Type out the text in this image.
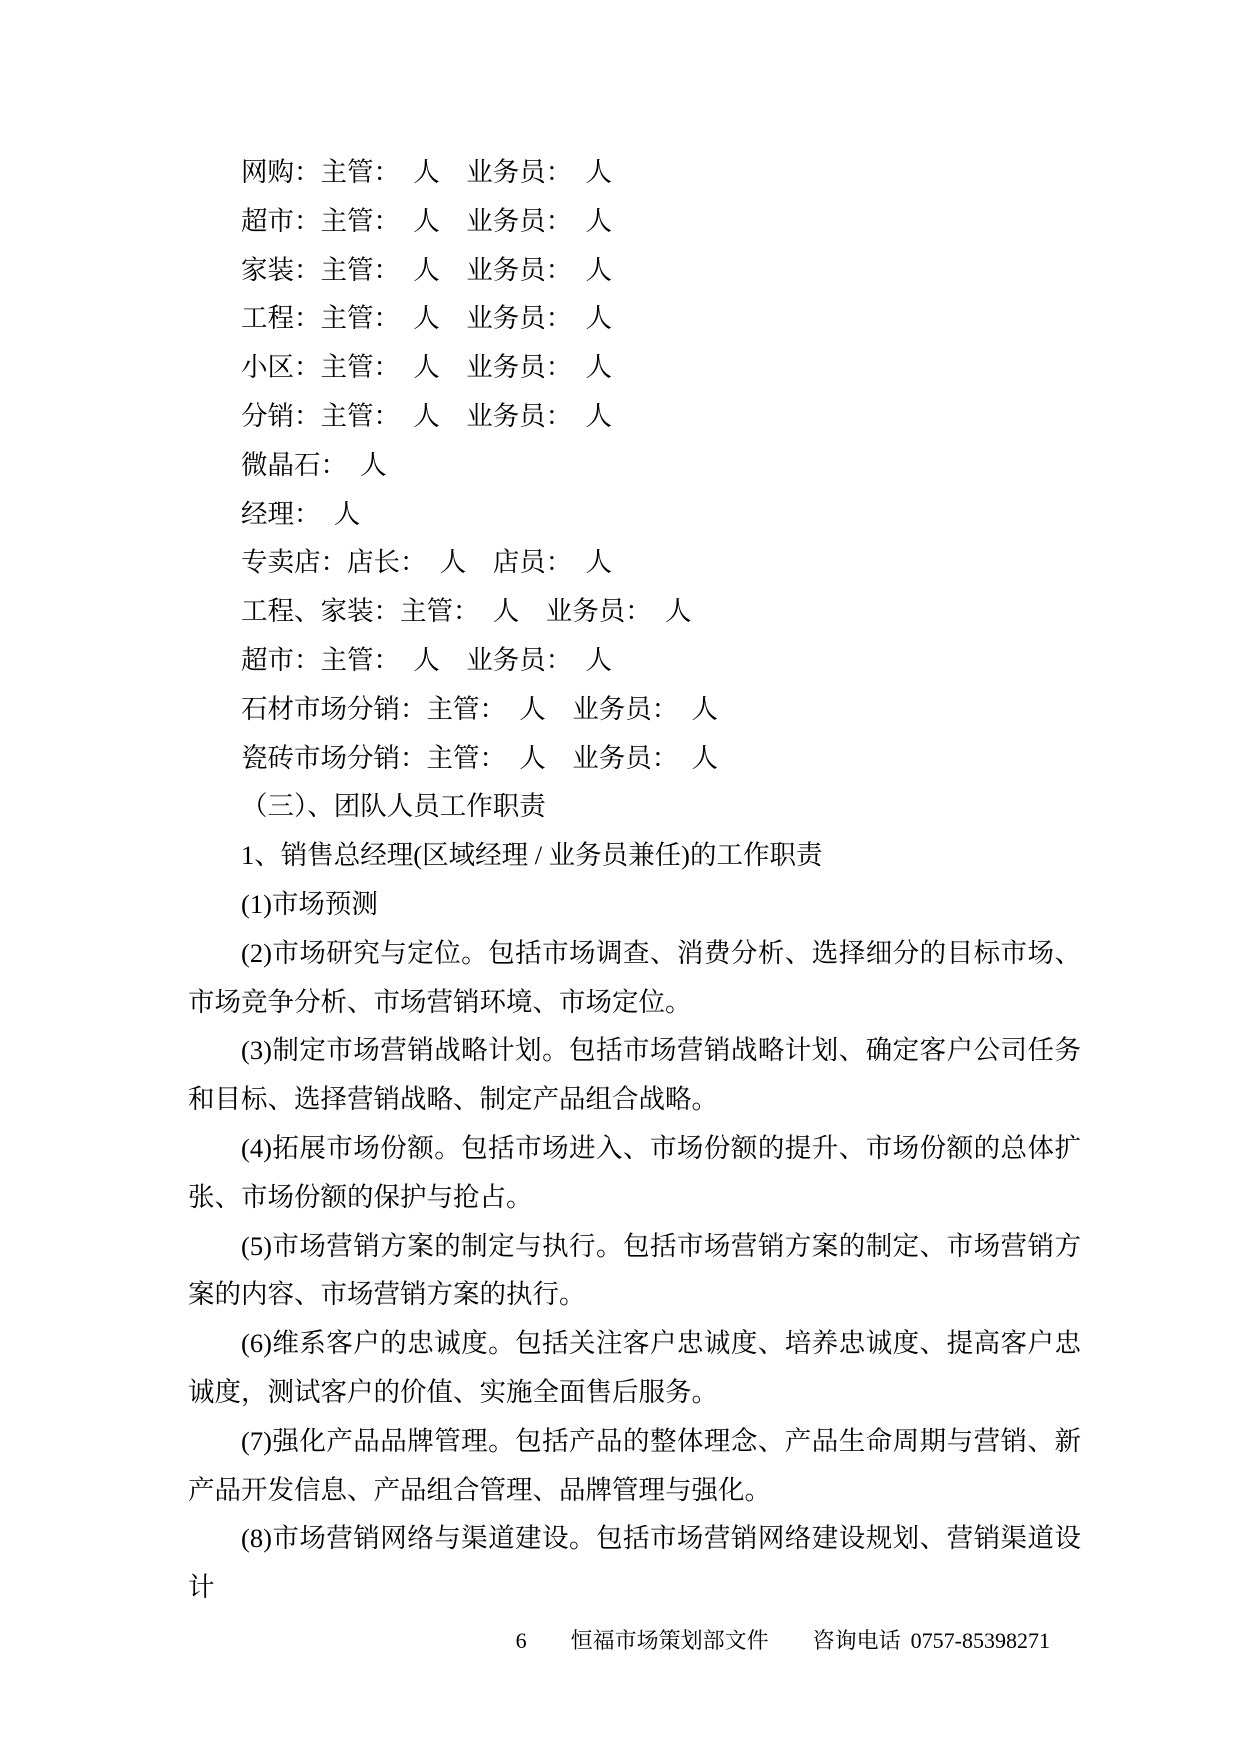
网购：主管：　人　业务员：　人

超市：主管：　人　业务员：　人

家装：主管：　人　业务员：　人

工程：主管：　人　业务员：　人

小区：主管：　人　业务员：　人

分销：主管：　人　业务员：　人

微晶石：　人

经理：　人

专卖店：店长：　人　店员：　人

工程、家装：主管：　人　业务员：　人

超市：主管：　人　业务员：　人

石材市场分销：主管：　人　业务员：　人

瓷砖市场分销：主管：　人　业务员：　人

（三）、团队人员工作职责

1、销售总经理(区域经理 / 业务员兼任)的工作职责

(1)市场预测

(2)市场研究与定位。包括市场调查、消费分析、选择细分的目标市场、市场竞争分析、市场营销环境、市场定位。

(3)制定市场营销战略计划。包括市场营销战略计划、确定客户公司任务和目标、选择营销战略、制定产品组合战略。

(4)拓展市场份额。包括市场进入、市场份额的提升、市场份额的总体扩张、市场份额的保护与抢占。

(5)市场营销方案的制定与执行。包括市场营销方案的制定、市场营销方案的内容、市场营销方案的执行。

(6)维系客户的忠诚度。包括关注客户忠诚度、培养忠诚度、提高客户忠诚度，测试客户的价值、实施全面售后服务。

(7)强化产品品牌管理。包括产品的整体理念、产品生命周期与营销、新产品开发信息、产品组合管理、品牌管理与强化。

(8)市场营销网络与渠道建设。包括市场营销网络建设规划、营销渠道设计

6 恒福市场策划部文件 咨询电话 0757-85398271
